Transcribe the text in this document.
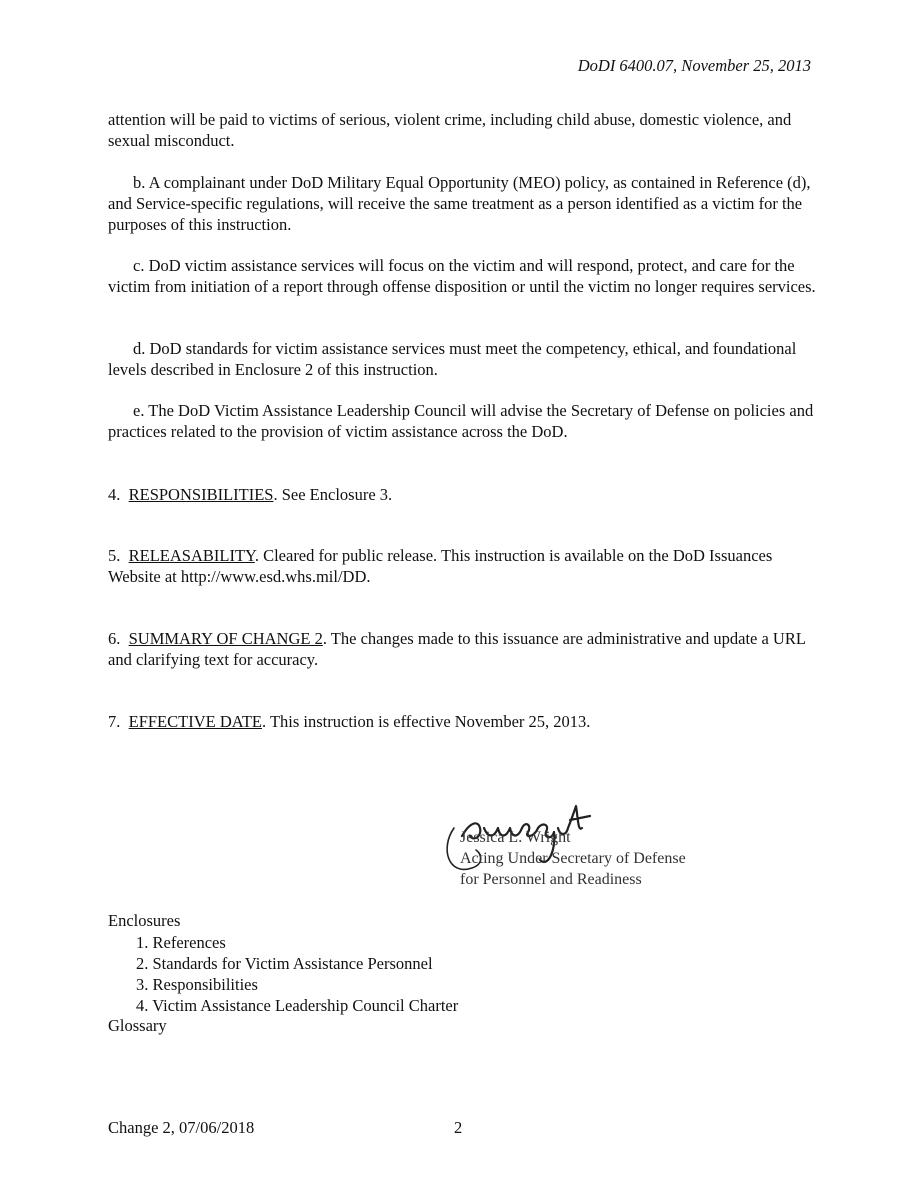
DoDI 6400.07, November 25, 2013

attention will be paid to victims of serious, violent crime, including child abuse, domestic violence, and sexual misconduct.

b. A complainant under DoD Military Equal Opportunity (MEO) policy, as contained in Reference (d), and Service-specific regulations, will receive the same treatment as a person identified as a victim for the purposes of this instruction.

c. DoD victim assistance services will focus on the victim and will respond, protect, and care for the victim from initiation of a report through offense disposition or until the victim no longer requires services.

d. DoD standards for victim assistance services must meet the competency, ethical, and foundational levels described in Enclosure 2 of this instruction.

e. The DoD Victim Assistance Leadership Council will advise the Secretary of Defense on policies and practices related to the provision of victim assistance across the DoD.

4. RESPONSIBILITIES. See Enclosure 3.

5. RELEASABILITY. Cleared for public release. This instruction is available on the DoD Issuances Website at http://www.esd.whs.mil/DD.

6. SUMMARY OF CHANGE 2. The changes made to this issuance are administrative and update a URL and clarifying text for accuracy.

7. EFFECTIVE DATE. This instruction is effective November 25, 2013.

Jessica L. Wright
Acting Under Secretary of Defense
for Personnel and Readiness
Enclosures
1. References
2. Standards for Victim Assistance Personnel
3. Responsibilities
4. Victim Assistance Leadership Council Charter
Glossary
Change 2, 07/06/2018	2
